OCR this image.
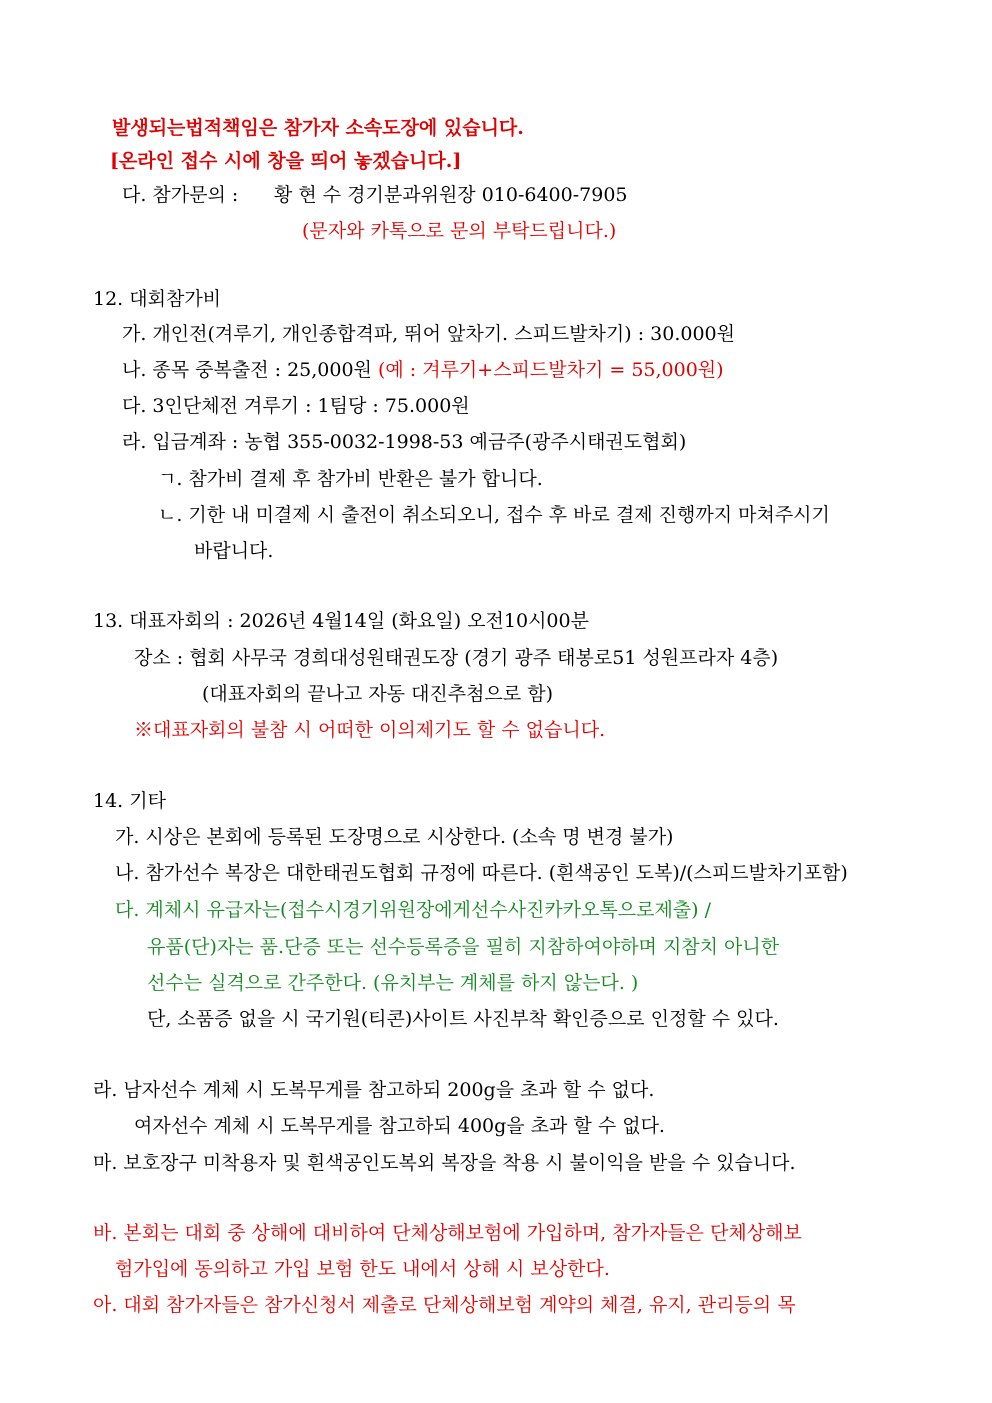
발생되는법적책임은 참가자 소속도장에 있습니다.
[온라인 접수 시에 창을 띄어 놓겠습니다.]
다. 참가문의 : 황 현 수 경기분과위원장 010-6400-7905
(문자와 카톡으로 문의 부탁드립니다.)
12. 대회참가비
가. 개인전(겨루기, 개인종합격파, 뛰어 앞차기. 스피드발차기) : 30.000원
나. 종목 중복출전 : 25,000원 (예 : 겨루기+스피드발차기 = 55,000원)
다. 3인단체전 겨루기 : 1팀당 : 75.000원
라. 입금계좌 : 농협 355-0032-1998-53 예금주(광주시태권도협회)
ㄱ. 참가비 결제 후 참가비 반환은 불가 합니다.
ㄴ. 기한 내 미결제 시 출전이 취소되오니, 접수 후 바로 결제 진행까지 마쳐주시기
바랍니다.
13. 대표자회의 : 2026년 4월14일 (화요일) 오전10시00분
장소 : 협회 사무국 경희대성원태권도장 (경기 광주 태봉로51 성원프라자 4층)
(대표자회의 끝나고 자동 대진추첨으로 함)
※대표자회의 불참 시 어떠한 이의제기도 할 수 없습니다.
14. 기타
가. 시상은 본회에 등록된 도장명으로 시상한다. (소속 명 변경 불가)
나. 참가선수 복장은 대한태권도협회 규정에 따른다. (흰색공인 도복)/(스피드발차기포함)
다. 계체시 유급자는(접수시경기위원장에게선수사진카카오톡으로제출) /
유품(단)자는 품.단증 또는 선수등록증을 필히 지참하여야하며 지참치 아니한
선수는 실격으로 간주한다. (유치부는 계체를 하지 않는다. )
단, 소품증 없을 시 국기원(티콘)사이트 사진부착 확인증으로 인정할 수 있다.
라. 남자선수 계체 시 도복무게를 참고하되 200g을 초과 할 수 없다.
여자선수 계체 시 도복무게를 참고하되 400g을 초과 할 수 없다.
마. 보호장구 미착용자 및 흰색공인도복외 복장을 착용 시 불이익을 받을 수 있습니다.
바. 본회는 대회 중 상해에 대비하여 단체상해보험에 가입하며, 참가자들은 단체상해보
험가입에 동의하고 가입 보험 한도 내에서 상해 시 보상한다.
아. 대회 참가자들은 참가신청서 제출로 단체상해보험 계약의 체결, 유지, 관리등의 목
